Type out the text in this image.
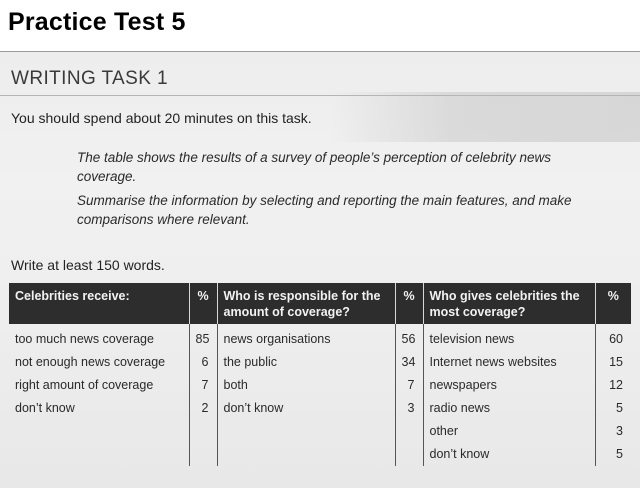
Practice Test 5
WRITING TASK 1
You should spend about 20 minutes on this task.
The table shows the results of a survey of people’s perception of celebrity news coverage.
Summarise the information by selecting and reporting the main features, and make comparisons where relevant.
Write at least 150 words.
Celebrities receive:	%	Who is responsible for the amount of coverage?	%	Who gives celebrities the most coverage?	%
too much news coverage	85	news organisations	56	television news	60
not enough news coverage	6	the public	34	Internet news websites	15
right amount of coverage	7	both	7	newspapers	12
don’t know	2	don’t know	3	radio news	5
				other	3
				don’t know	5
